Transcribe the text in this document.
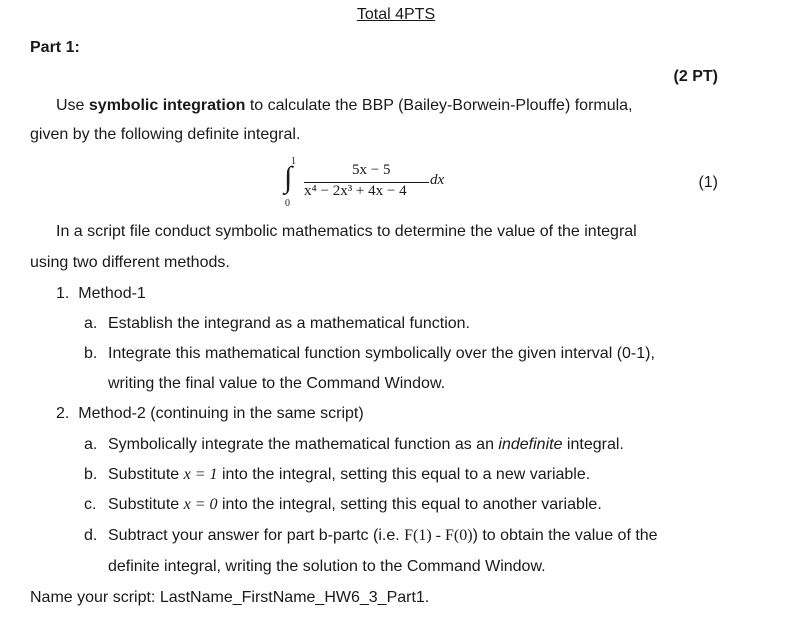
Total 4PTS
Part 1:
(2 PT)
Use symbolic integration to calculate the BBP (Bailey-Borwein-Plouffe) formula,
given by the following definite integral.
1
∫
0
5x − 5
x⁴ − 2x³ + 4x − 4
dx	(1)
In a script file conduct symbolic mathematics to determine the value of the integral
using two different methods.
1. Method-1
a. Establish the integrand as a mathematical function.
b. Integrate this mathematical function symbolically over the given interval (0-1),
writing the final value to the Command Window.
2. Method-2 (continuing in the same script)
a. Symbolically integrate the mathematical function as an indefinite integral.
b. Substitute x = 1 into the integral, setting this equal to a new variable.
c. Substitute x = 0 into the integral, setting this equal to another variable.
d. Subtract your answer for part b-partc (i.e. F(1) - F(0)) to obtain the value of the
definite integral, writing the solution to the Command Window.
Name your script: LastName_FirstName_HW6_3_Part1.
